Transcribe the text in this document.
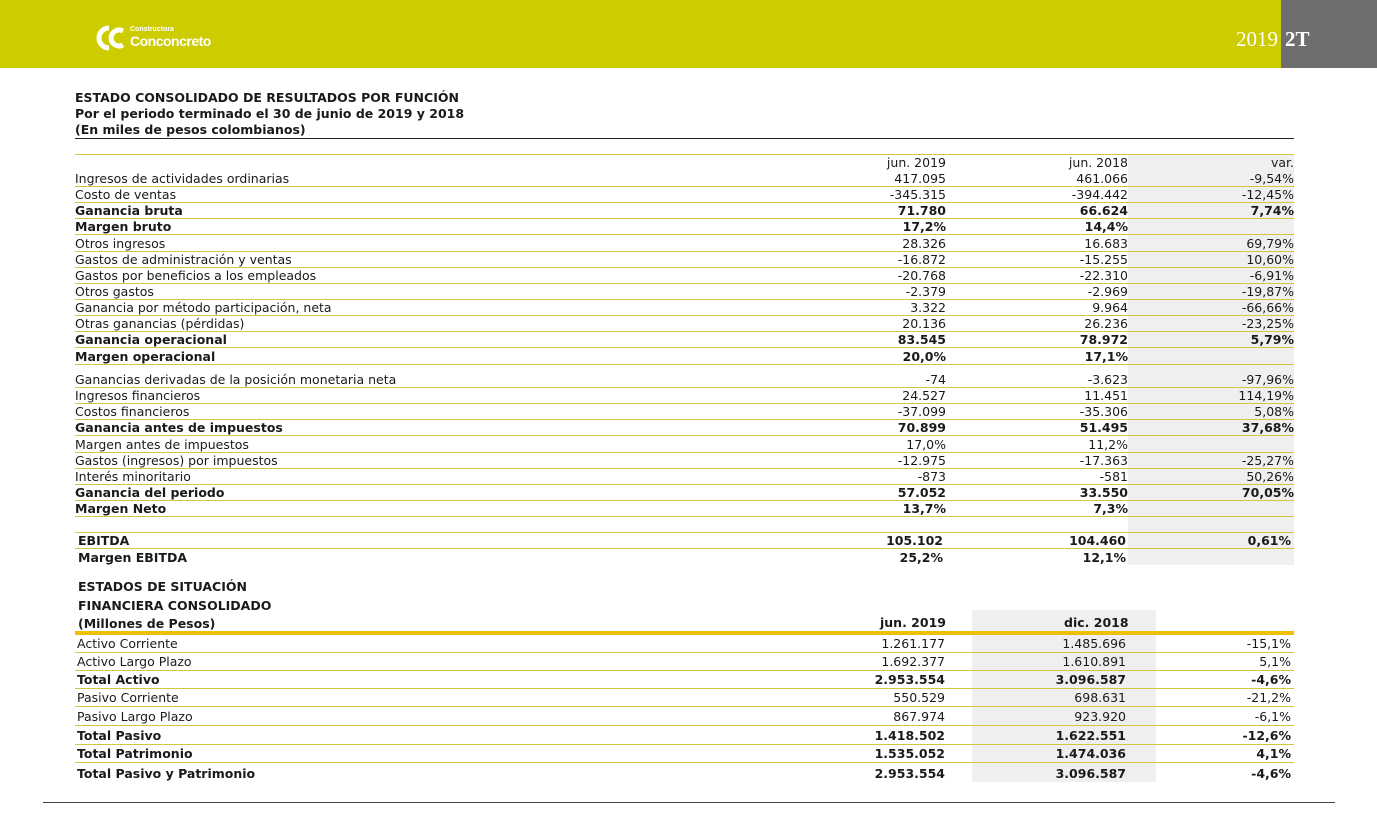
Constructora
Conconcreto	2019 2T
ESTADO CONSOLIDADO DE RESULTADOS POR FUNCIÓN
Por el periodo terminado el 30 de junio de 2019 y 2018
(En miles de pesos colombianos)
jun. 2019	jun. 2018	var.
Ingresos de actividades ordinarias	417.095	461.066	-9,54%
Costo de ventas	-345.315	-394.442	-12,45%
Ganancia bruta	71.780	66.624	7,74%
Margen bruto	17,2%	14,4%
Otros ingresos	28.326	16.683	69,79%
Gastos de administración y ventas	-16.872	-15.255	10,60%
Gastos por beneficios a los empleados	-20.768	-22.310	-6,91%
Otros gastos	-2.379	-2.969	-19,87%
Ganancia por método participación, neta	3.322	9.964	-66,66%
Otras ganancias (pérdidas)	20.136	26.236	-23,25%
Ganancia operacional	83.545	78.972	5,79%
Margen operacional	20,0%	17,1%
Ganancias derivadas de la posición monetaria neta	-74	-3.623	-97,96%
Ingresos financieros	24.527	11.451	114,19%
Costos financieros	-37.099	-35.306	5,08%
Ganancia antes de impuestos	70.899	51.495	37,68%
Margen antes de impuestos	17,0%	11,2%
Gastos (ingresos) por impuestos	-12.975	-17.363	-25,27%
Interés minoritario	-873	-581	50,26%
Ganancia del periodo	57.052	33.550	70,05%
Margen Neto	13,7%	7,3%
EBITDA	105.102	104.460	0,61%
Margen EBITDA	25,2%	12,1%
ESTADOS DE SITUACIÓN
FINANCIERA CONSOLIDADO
(Millones de Pesos)	jun. 2019	dic. 2018
Activo Corriente	1.261.177	1.485.696	-15,1%
Activo Largo Plazo	1.692.377	1.610.891	5,1%
Total Activo	2.953.554	3.096.587	-4,6%
Pasivo Corriente	550.529	698.631	-21,2%
Pasivo Largo Plazo	867.974	923.920	-6,1%
Total Pasivo	1.418.502	1.622.551	-12,6%
Total Patrimonio	1.535.052	1.474.036	4,1%
Total Pasivo y Patrimonio	2.953.554	3.096.587	-4,6%
